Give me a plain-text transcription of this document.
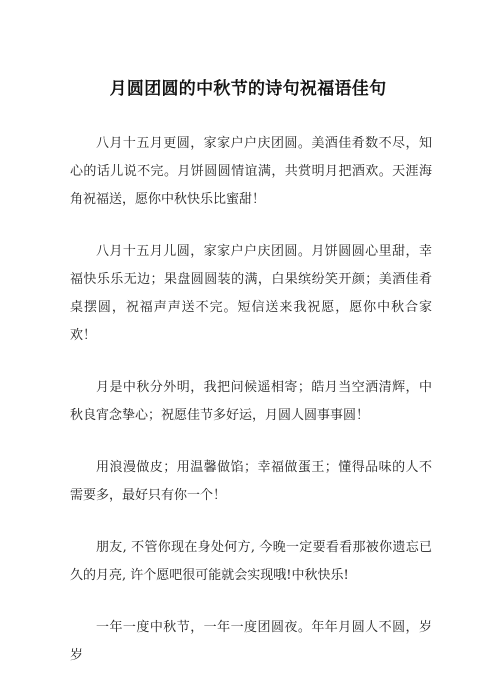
月圆团圆的中秋节的诗句祝福语佳句

八月十五月更圆，家家户户庆团圆。美酒佳肴数不尽，知心的话儿说不完。月饼圆圆情谊满，共赏明月把酒欢。天涯海角祝福送，愿你中秋快乐比蜜甜！

八月十五月儿圆，家家户户庆团圆。月饼圆圆心里甜，幸福快乐乐无边；果盘圆圆装的满，白果缤纷笑开颜；美酒佳肴桌摆圆，祝福声声送不完。短信送来我祝愿，愿你中秋合家欢！

月是中秋分外明，我把问候遥相寄；皓月当空洒清辉，中秋良宵念挚心；祝愿佳节多好运，月圆人圆事事圆！

用浪漫做皮；用温馨做馅；幸福做蛋王；懂得品味的人不需要多，最好只有你一个！

朋友, 不管你现在身处何方, 今晚一定要看看那被你遗忘已久的月亮, 许个愿吧很可能就会实现哦!中秋快乐!

一年一度中秋节，一年一度团圆夜。年年月圆人不圆，岁岁
